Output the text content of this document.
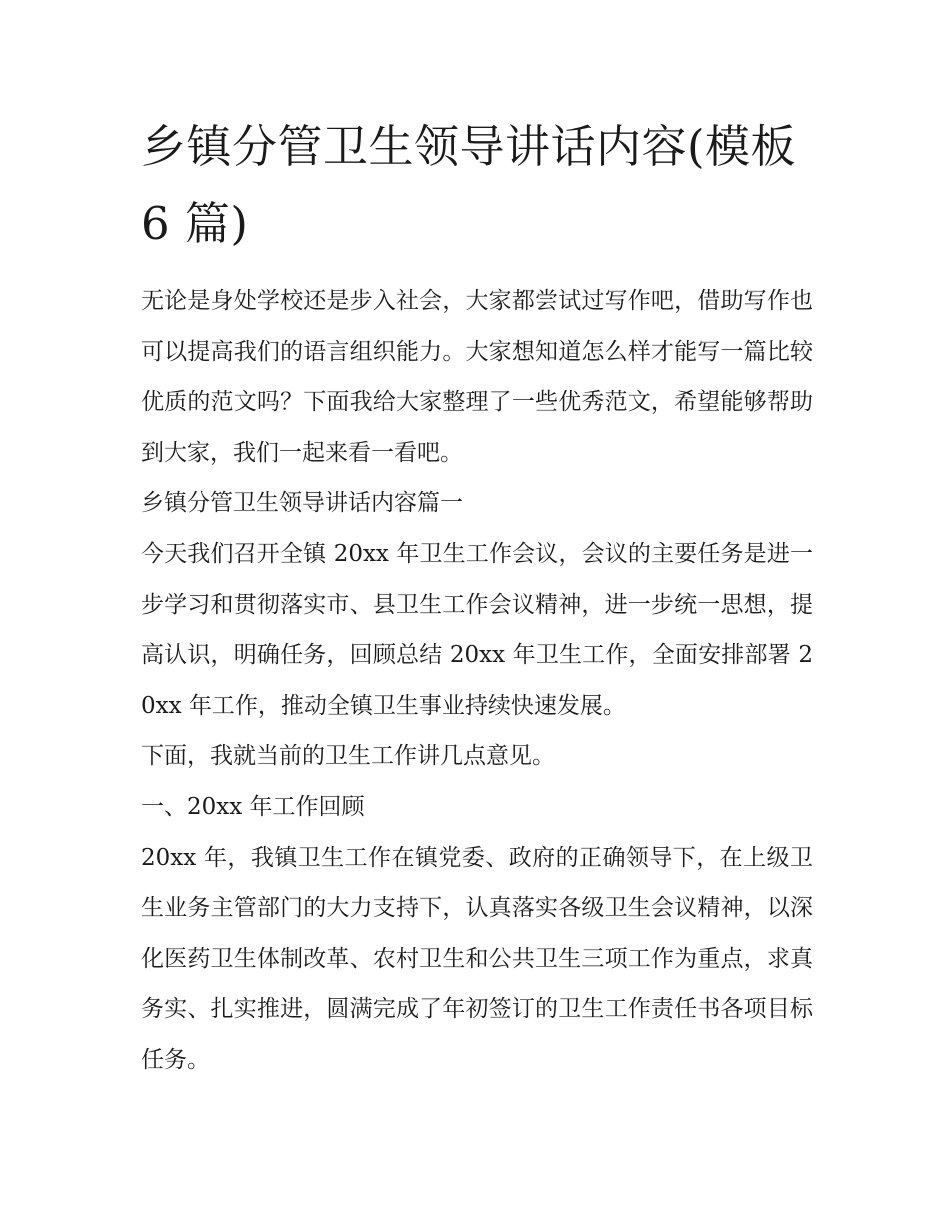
乡镇分管卫生领导讲话内容(模板 6 篇)

无论是身处学校还是步入社会，大家都尝试过写作吧，借助写作也可以提高我们的语言组织能力。大家想知道怎么样才能写一篇比较优质的范文吗？下面我给大家整理了一些优秀范文，希望能够帮助到大家，我们一起来看一看吧。

乡镇分管卫生领导讲话内容篇一

今天我们召开全镇 20xx 年卫生工作会议，会议的主要任务是进一步学习和贯彻落实市、县卫生工作会议精神，进一步统一思想，提高认识，明确任务，回顾总结 20xx 年卫生工作，全面安排部署 20xx 年工作，推动全镇卫生事业持续快速发展。

下面，我就当前的卫生工作讲几点意见。

一、20xx 年工作回顾

20xx 年，我镇卫生工作在镇党委、政府的正确领导下，在上级卫生业务主管部门的大力支持下，认真落实各级卫生会议精神，以深化医药卫生体制改革、农村卫生和公共卫生三项工作为重点，求真务实、扎实推进，圆满完成了年初签订的卫生工作责任书各项目标任务。
